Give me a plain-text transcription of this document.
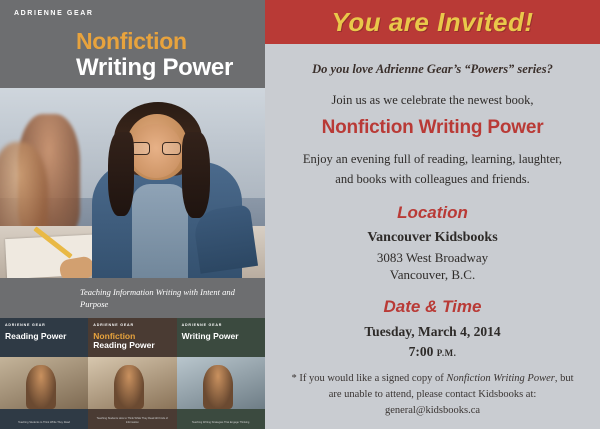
ADRIENNE GEAR
Nonfiction
Writing Power
Teaching Information Writing with Intent and Purpose
ADRIENNE GEAR
Reading Power
Teaching Students to Think While They Read
ADRIENNE GEAR
Nonfiction
Reading Power
Teaching Students How to Think While They Read All Kinds of Information
ADRIENNE GEAR
Writing Power
Teaching Writing Strategies That Engage Thinking
You are Invited!
Do you love Adrienne Gear’s “Powers” series?
Join us as we celebrate the newest book,
Nonfiction Writing Power
Enjoy an evening full of reading, learning, laughter,
and books with colleagues and friends.
Location
Vancouver Kidsbooks
3083 West Broadway
Vancouver, B.C.
Date & Time
Tuesday, March 4, 2014
7:00 P.M.
* If you would like a signed copy of Nonfiction Writing Power, but are unable to attend, please contact Kidsbooks at: general@kidsbooks.ca
